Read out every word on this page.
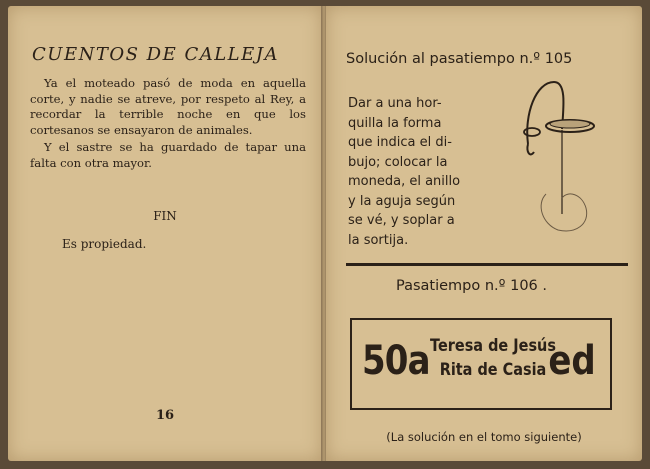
CUENTOS DE CALLEJA

Ya el moteado pasó de moda en aquella corte, y nadie se atreve, por respeto al Rey, a recordar la terrible noche en que los cortesanos se ensayaron de animales.

Y el sastre se ha guardado de tapar una falta con otra mayor.

FIN
Es propiedad.
16
Solución al pasatiempo n.º 105
Dar a una hor-
quilla la forma
que indica el di-
bujo; colocar la
moneda, el anillo
y la aguja según
se vé, y soplar a
la sortija.
Pasatiempo n.º 106 .
50a Teresa de Jesús
Rita de Casia ed
(La solución en el tomo siguiente)
